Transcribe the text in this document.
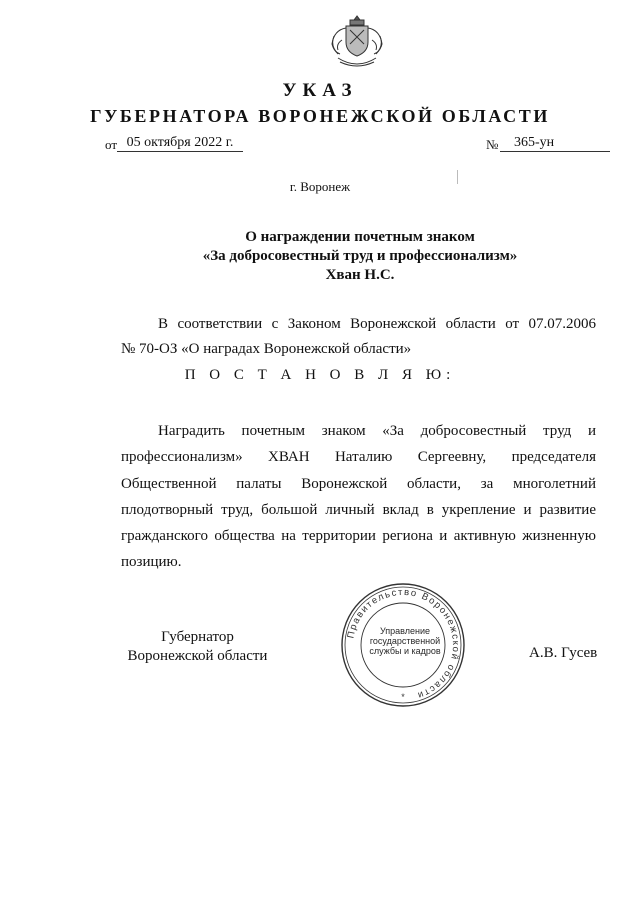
УКАЗ
ГУБЕРНАТОРА ВОРОНЕЖСКОЙ ОБЛАСТИ
от 05 октября 2022 г.	№	365-ун
г. Воронеж
О награждении почетным знаком
«За добросовестный труд и профессионализм»
Хван Н.С.
В соответствии с Законом Воронежской области от 07.07.2006
№ 70-ОЗ «О наградах Воронежской области»
П О С Т А Н О В Л Я Ю:
Наградить почетным знаком «За добросовестный труд и
профессионализм» ХВАН Наталию Сергеевну, председателя
Общественной палаты Воронежской области, за многолетний
плодотворный труд, большой личный вклад в укрепление и развитие
гражданского общества на территории региона и активную жизненную
позицию.
Губернатор
Воронежской области
Правительство Воронежской области
*
Управление
государственной
службы и кадров	А.В. Гусев
